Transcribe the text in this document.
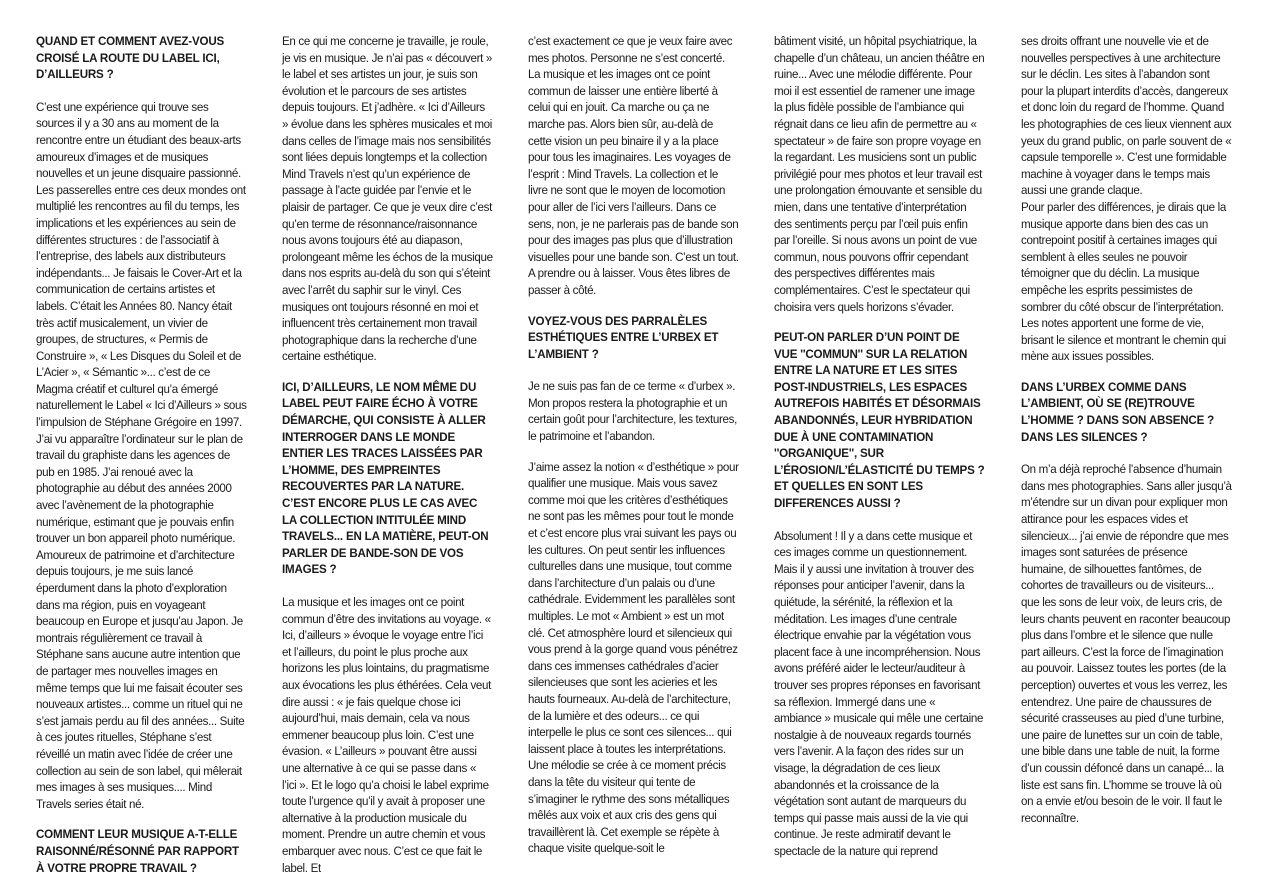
QUAND ET COMMENT AVEZ-VOUS CROISÉ LA ROUTE DU LABEL ICI, D’AILLEURS ?

C’est une expérience qui trouve ses sources il y a 30 ans au moment de la rencontre entre un étudiant des beaux-arts amoureux d’images et de musiques nouvelles et un jeune disquaire passionné. Les passerelles entre ces deux mondes ont multiplié les rencontres au fil du temps, les implications et les expériences au sein de différentes structures : de l’associatif à l’entreprise, des labels aux distributeurs indépendants... Je faisais le Cover-Art et la communication de certains artistes et labels. C’était les Années 80. Nancy était très actif musicalement, un vivier de groupes, de structures, « Permis de Construire », « Les Disques du Soleil et de L’Acier », « Sémantic »... c’est de ce Magma créatif et culturel qu’a émergé naturellement le Label « Ici d’Ailleurs » sous l’impulsion de Stéphane Grégoire en 1997. J’ai vu apparaître l’ordinateur sur le plan de travail du graphiste dans les agences de pub en 1985. J’ai renoué avec la photographie au début des années 2000 avec l’avènement de la photographie numérique, estimant que je pouvais enfin trouver un bon appareil photo numérique. Amoureux de patrimoine et d’architecture depuis toujours, je me suis lancé éperdument dans la photo d’exploration dans ma région, puis en voyageant beaucoup en Europe et jusqu’au Japon. Je montrais régulièrement ce travail à Stéphane sans aucune autre intention que de partager mes nouvelles images en même temps que lui me faisait écouter ses nouveaux artistes... comme un rituel qui ne s’est jamais perdu au fil des années... Suite à ces joutes rituelles, Stéphane s’est réveillé un matin avec l’idée de créer une collection au sein de son label, qui mêlerait mes images à ses musiques.... Mind Travels series était né.

COMMENT LEUR MUSIQUE A-T-ELLE RAISONNÉ/RÉSONNÉ PAR RAPPORT À VOTRE PROPRE TRAVAIL ?

En ce qui me concerne je travaille, je roule, je vis en musique. Je n’ai pas « découvert » le label et ses artistes un jour, je suis son évolution et le parcours de ses artistes depuis toujours. Et j’adhère. « Ici d’Ailleurs » évolue dans les sphères musicales et moi dans celles de l’image mais nos sensibilités sont liées depuis longtemps et la collection Mind Travels n’est qu’un expérience de passage à l’acte guidée par l’envie et le plaisir de partager. Ce que je veux dire c’est qu’en terme de résonnance/raisonnance nous avons toujours été au diapason, prolongeant même les échos de la musique dans nos esprits au-delà du son qui s’éteint avec l’arrêt du saphir sur le vinyl. Ces musiques ont toujours résonné en moi et influencent très certainement mon travail photographique dans la recherche d’une certaine esthétique.

ICI, D’AILLEURS, LE NOM MÊME DU LABEL PEUT FAIRE ÉCHO À VOTRE DÉMARCHE, QUI CONSISTE À ALLER INTERROGER DANS LE MONDE ENTIER LES TRACES LAISSÉES PAR L’HOMME, DES EMPREINTES RECOUVERTES PAR LA NATURE. C’EST ENCORE PLUS LE CAS AVEC LA COLLECTION INTITULÉE MIND TRAVELS... EN LA MATIÈRE, PEUT-ON PARLER DE BANDE-SON DE VOS IMAGES ?

La musique et les images ont ce point commun d’être des invitations au voyage. « Ici, d’ailleurs » évoque le voyage entre l’ici et l’ailleurs, du point le plus proche aux horizons les plus lointains, du pragmatisme aux évocations les plus éthérées. Cela veut dire aussi : « je fais quelque chose ici aujourd’hui, mais demain, cela va nous emmener beaucoup plus loin. C’est une évasion. « L’ailleurs » pouvant être aussi une alternative à ce qui se passe dans « l’ici ». Et le logo qu’a choisi le label exprime toute l’urgence qu’il y avait à proposer une alternative à la production musicale du moment. Prendre un autre chemin et vous embarquer avec nous. C’est ce que fait le label. Et

c’est exactement ce que je veux faire avec mes photos. Personne ne s’est concerté. La musique et les images ont ce point commun de laisser une entière liberté à celui qui en jouit. Ca marche ou ça ne marche pas. Alors bien sûr, au-delà de cette vision un peu binaire il y a la place pour tous les imaginaires. Les voyages de l’esprit : Mind Travels. La collection et le livre ne sont que le moyen de locomotion pour aller de l’ici vers l’ailleurs. Dans ce sens, non, je ne parlerais pas de bande son pour des images pas plus que d’illustration visuelles pour une bande son. C’est un tout. A prendre ou à laisser. Vous êtes libres de passer à côté.

VOYEZ-VOUS DES PARRALÈLES ESTHÉTIQUES ENTRE L’URBEX ET L’AMBIENT ?

Je ne suis pas fan de ce terme « d’urbex ». Mon propos restera la photographie et un certain goût pour l’architecture, les textures, le patrimoine et l’abandon.

J’aime assez la notion « d’esthétique » pour qualifier une musique. Mais vous savez comme moi que les critères d’esthétiques ne sont pas les mêmes pour tout le monde et c’est encore plus vrai suivant les pays ou les cultures. On peut sentir les influences culturelles dans une musique, tout comme dans l’architecture d’un palais ou d’une cathédrale. Evidemment les parallèles sont multiples. Le mot « Ambient » est un mot clé. Cet atmosphère lourd et silencieux qui vous prend à la gorge quand vous pénétrez dans ces immenses cathédrales d’acier silencieuses que sont les acieries et les hauts fourneaux. Au-delà de l’architecture, de la lumière et des odeurs... ce qui interpelle le plus ce sont ces silences... qui laissent place à toutes les interprétations. Une mélodie se crée à ce moment précis dans la tête du visiteur qui tente de s’imaginer le rythme des sons métalliques mêlés aux voix et aux cris des gens qui travaillèrent là. Cet exemple se répète à chaque visite quelque-soit le

bâtiment visité, un hôpital psychiatrique, la chapelle d’un château, un ancien théâtre en ruine... Avec une mélodie différente. Pour moi il est essentiel de ramener une image la plus fidèle possible de l’ambiance qui régnait dans ce lieu afin de permettre au « spectateur » de faire son propre voyage en la regardant. Les musiciens sont un public privilégié pour mes photos et leur travail est une prolongation émouvante et sensible du mien, dans une tentative d’interprétation des sentiments perçu par l’œil puis enfin par l’oreille. Si nous avons un point de vue commun, nous pouvons offrir cependant des perspectives différentes mais complémentaires. C’est le spectateur qui choisira vers quels horizons s’évader.

PEUT-ON PARLER D’UN POINT DE VUE ''COMMUN'' SUR LA RELATION ENTRE LA NATURE ET LES SITES POST-INDUSTRIELS, LES ESPACES AUTREFOIS HABITÉS ET DÉSORMAIS ABANDONNÉS, LEUR HYBRIDATION DUE À UNE CONTAMINATION ''ORGANIQUE'', SUR L’ÉROSION/L’ÉLASTICITÉ DU TEMPS ? ET QUELLES EN SONT LES DIFFERENCES AUSSI ?

Absolument ! Il y a dans cette musique et ces images comme un questionnement. Mais il y aussi une invitation à trouver des réponses pour anticiper l’avenir, dans la quiétude, la sérénité, la réflexion et la méditation. Les images d’une centrale électrique envahie par la végétation vous placent face à une incompréhension. Nous avons préféré aider le lecteur/auditeur à trouver ses propres réponses en favorisant sa réflexion. Immergé dans une « ambiance » musicale qui mêle une certaine nostalgie à de nouveaux regards tournés vers l’avenir. A la façon des rides sur un visage, la dégradation de ces lieux abandonnés et la croissance de la végétation sont autant de marqueurs du temps qui passe mais aussi de la vie qui continue. Je reste admiratif devant le spectacle de la nature qui reprend

ses droits offrant une nouvelle vie et de nouvelles perspectives à une architecture sur le déclin. Les sites à l’abandon sont pour la plupart interdits d’accès, dangereux et donc loin du regard de l’homme. Quand les photographies de ces lieux viennent aux yeux du grand public, on parle souvent de « capsule temporelle ». C’est une formidable machine à voyager dans le temps mais aussi une grande claque.

Pour parler des différences, je dirais que la musique apporte dans bien des cas un contrepoint positif à certaines images qui semblent à elles seules ne pouvoir témoigner que du déclin. La musique empêche les esprits pessimistes de sombrer du côté obscur de l’interprétation. Les notes apportent une forme de vie, brisant le silence et montrant le chemin qui mène aux issues possibles.

DANS L’URBEX COMME DANS L’AMBIENT, OÙ SE (RE)TROUVE L’HOMME ? DANS SON ABSENCE ? DANS LES SILENCES ?

On m’a déjà reproché l’absence d’humain dans mes photographies. Sans aller jusqu’à m’étendre sur un divan pour expliquer mon attirance pour les espaces vides et silencieux... j’ai envie de répondre que mes images sont saturées de présence humaine, de silhouettes fantômes, de cohortes de travailleurs ou de visiteurs... que les sons de leur voix, de leurs cris, de leurs chants peuvent en raconter beaucoup plus dans l’ombre et le silence que nulle part ailleurs. C’est la force de l’imagination au pouvoir. Laissez toutes les portes (de la perception) ouvertes et vous les verrez, les entendrez. Une paire de chaussures de sécurité crasseuses au pied d’une turbine, une paire de lunettes sur un coin de table, une bible dans une table de nuit, la forme d’un coussin défoncé dans un canapé... la liste est sans fin. L’homme se trouve là où on a envie et/ou besoin de le voir. Il faut le reconnaître.
